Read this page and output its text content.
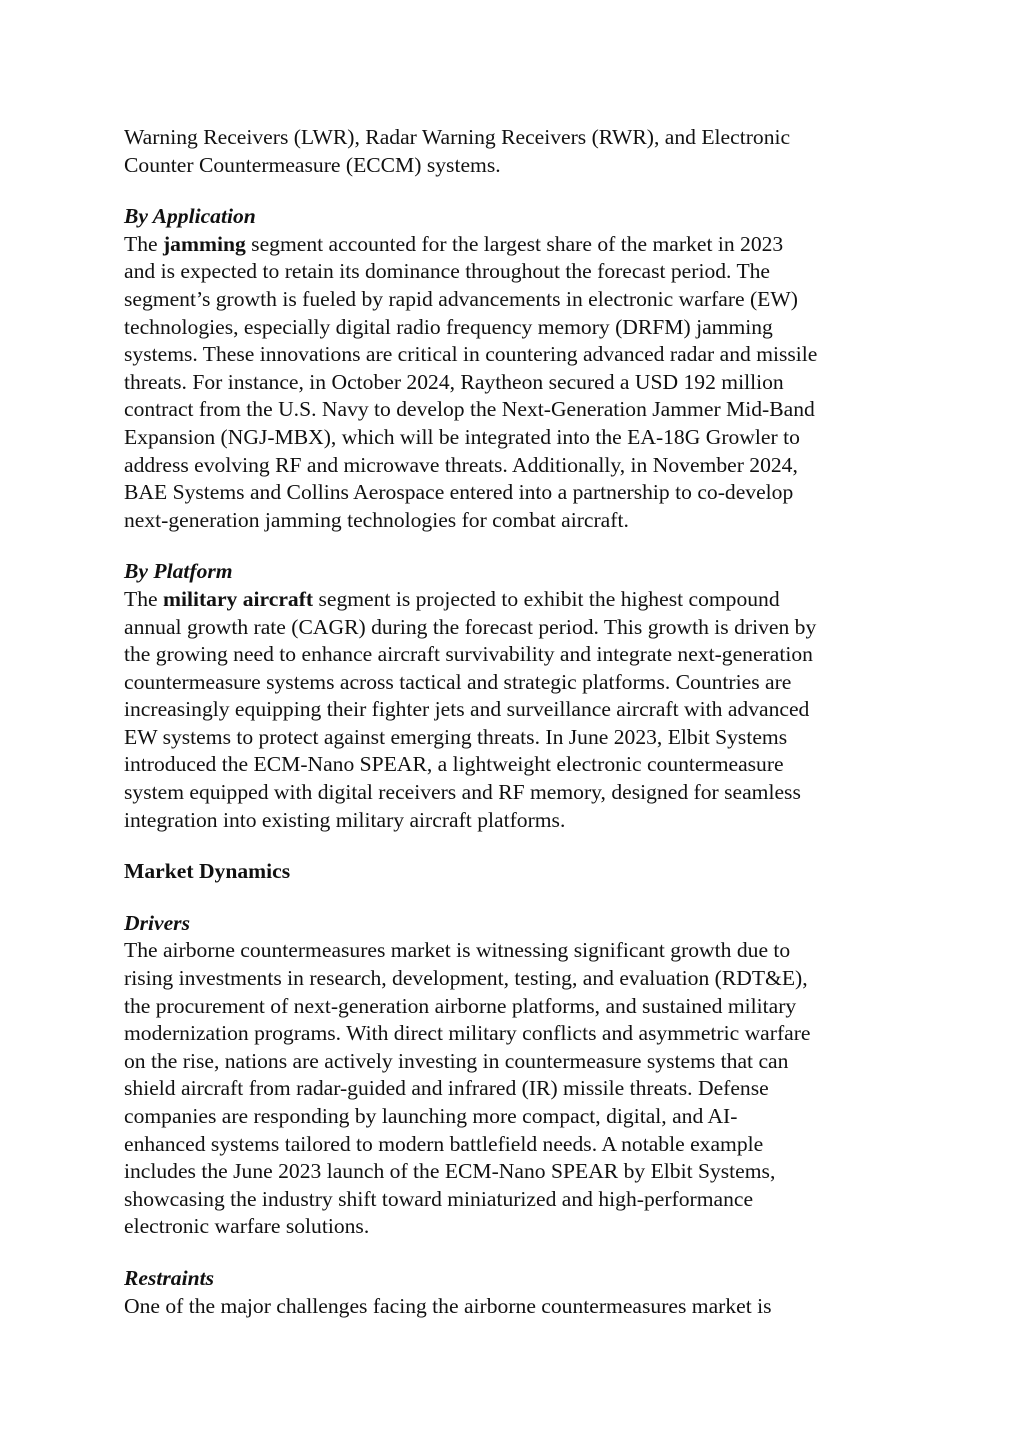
Warning Receivers (LWR), Radar Warning Receivers (RWR), and Electronic
Counter Countermeasure (ECCM) systems.

By Application

The jamming segment accounted for the largest share of the market in 2023
and is expected to retain its dominance throughout the forecast period. The
segment’s growth is fueled by rapid advancements in electronic warfare (EW)
technologies, especially digital radio frequency memory (DRFM) jamming
systems. These innovations are critical in countering advanced radar and missile
threats. For instance, in October 2024, Raytheon secured a USD 192 million
contract from the U.S. Navy to develop the Next-Generation Jammer Mid-Band
Expansion (NGJ-MBX), which will be integrated into the EA-18G Growler to
address evolving RF and microwave threats. Additionally, in November 2024,
BAE Systems and Collins Aerospace entered into a partnership to co-develop
next-generation jamming technologies for combat aircraft.

By Platform

The military aircraft segment is projected to exhibit the highest compound
annual growth rate (CAGR) during the forecast period. This growth is driven by
the growing need to enhance aircraft survivability and integrate next-generation
countermeasure systems across tactical and strategic platforms. Countries are
increasingly equipping their fighter jets and surveillance aircraft with advanced
EW systems to protect against emerging threats. In June 2023, Elbit Systems
introduced the ECM-Nano SPEAR, a lightweight electronic countermeasure
system equipped with digital receivers and RF memory, designed for seamless
integration into existing military aircraft platforms.

Market Dynamics

Drivers

The airborne countermeasures market is witnessing significant growth due to
rising investments in research, development, testing, and evaluation (RDT&E),
the procurement of next-generation airborne platforms, and sustained military
modernization programs. With direct military conflicts and asymmetric warfare
on the rise, nations are actively investing in countermeasure systems that can
shield aircraft from radar-guided and infrared (IR) missile threats. Defense
companies are responding by launching more compact, digital, and AI-
enhanced systems tailored to modern battlefield needs. A notable example
includes the June 2023 launch of the ECM-Nano SPEAR by Elbit Systems,
showcasing the industry shift toward miniaturized and high-performance
electronic warfare solutions.

Restraints

One of the major challenges facing the airborne countermeasures market is
